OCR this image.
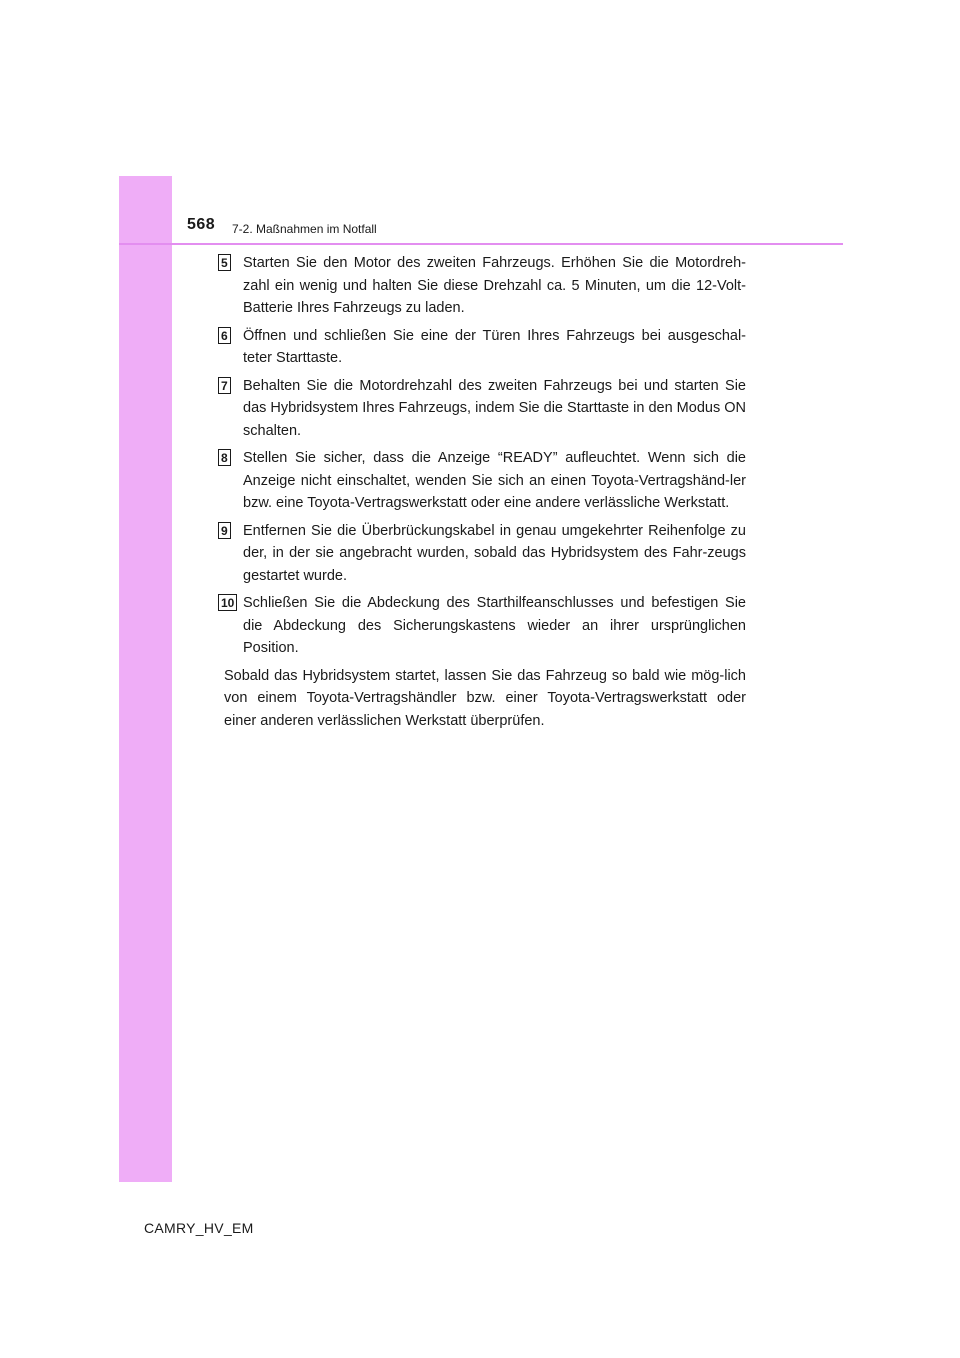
568 7-2. Maßnahmen im Notfall
5 Starten Sie den Motor des zweiten Fahrzeugs. Erhöhen Sie die Motordreh-zahl ein wenig und halten Sie diese Drehzahl ca. 5 Minuten, um die 12-Volt-Batterie Ihres Fahrzeugs zu laden.

6 Öffnen und schließen Sie eine der Türen Ihres Fahrzeugs bei ausgeschal-teter Starttaste.

7 Behalten Sie die Motordrehzahl des zweiten Fahrzeugs bei und starten Sie das Hybridsystem Ihres Fahrzeugs, indem Sie die Starttaste in den Modus ON schalten.

8 Stellen Sie sicher, dass die Anzeige “READY” aufleuchtet. Wenn sich die Anzeige nicht einschaltet, wenden Sie sich an einen Toyota-Vertragshänd-ler bzw. eine Toyota-Vertragswerkstatt oder eine andere verlässliche Werkstatt.

9 Entfernen Sie die Überbrückungskabel in genau umgekehrter Reihenfolge zu der, in der sie angebracht wurden, sobald das Hybridsystem des Fahr-zeugs gestartet wurde.

10 Schließen Sie die Abdeckung des Starthilfeanschlusses und befestigen Sie die Abdeckung des Sicherungskastens wieder an ihrer ursprünglichen Position.

Sobald das Hybridsystem startet, lassen Sie das Fahrzeug so bald wie mög-lich von einem Toyota-Vertragshändler bzw. einer Toyota-Vertragswerkstatt oder einer anderen verlässlichen Werkstatt überprüfen.

CAMRY_HV_EM
